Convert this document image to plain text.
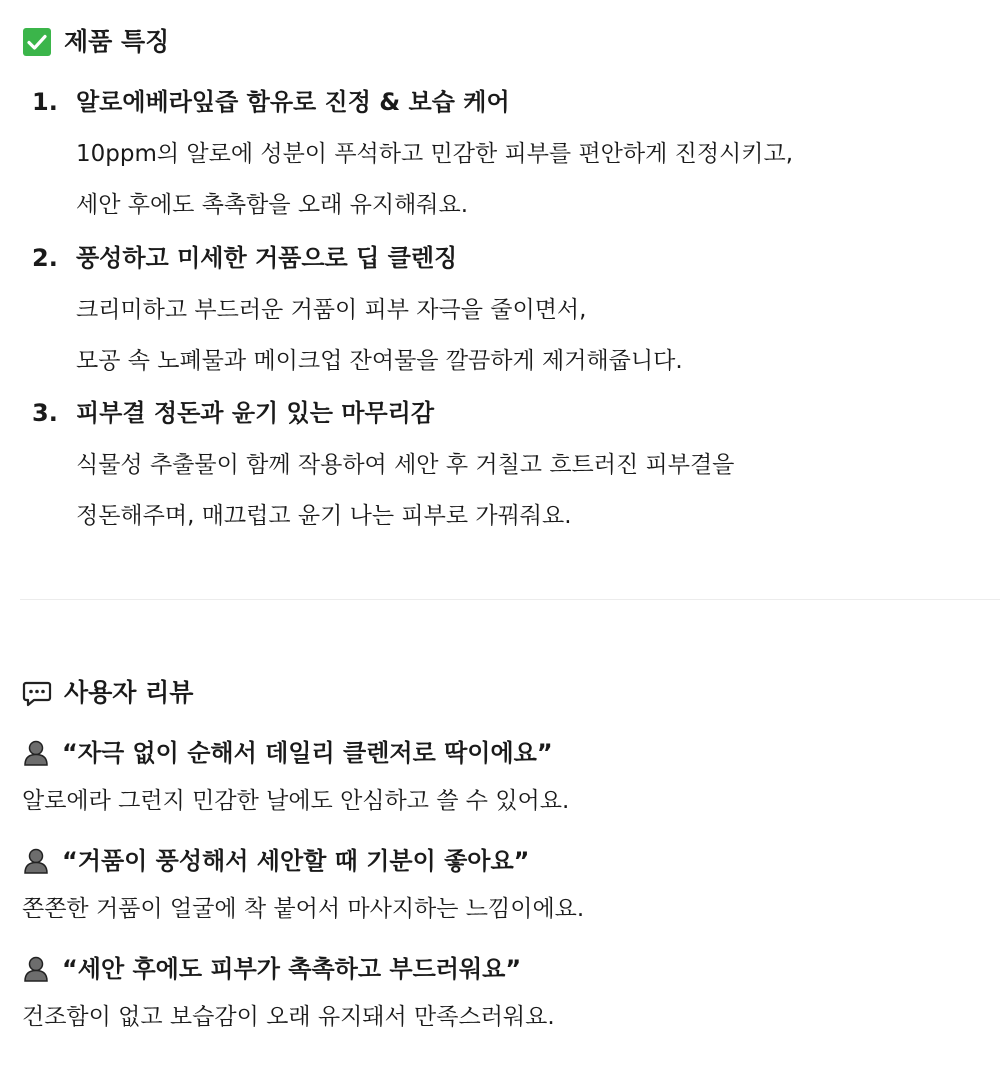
제품 특징
1. 알로에베라잎즙 함유로 진정 & 보습 케어
10ppm의 알로에 성분이 푸석하고 민감한 피부를 편안하게 진정시키고,
세안 후에도 촉촉함을 오래 유지해줘요.
2. 풍성하고 미세한 거품으로 딥 클렌징
크리미하고 부드러운 거품이 피부 자극을 줄이면서,
모공 속 노폐물과 메이크업 잔여물을 깔끔하게 제거해줍니다.
3. 피부결 정돈과 윤기 있는 마무리감
식물성 추출물이 함께 작용하여 세안 후 거칠고 흐트러진 피부결을
정돈해주며, 매끄럽고 윤기 나는 피부로 가꿔줘요.
사용자 리뷰
“자극 없이 순해서 데일리 클렌저로 딱이에요”
알로에라 그런지 민감한 날에도 안심하고 쓸 수 있어요.
“거품이 풍성해서 세안할 때 기분이 좋아요”
쫀쫀한 거품이 얼굴에 착 붙어서 마사지하는 느낌이에요.
“세안 후에도 피부가 촉촉하고 부드러워요”
건조함이 없고 보습감이 오래 유지돼서 만족스러워요.
